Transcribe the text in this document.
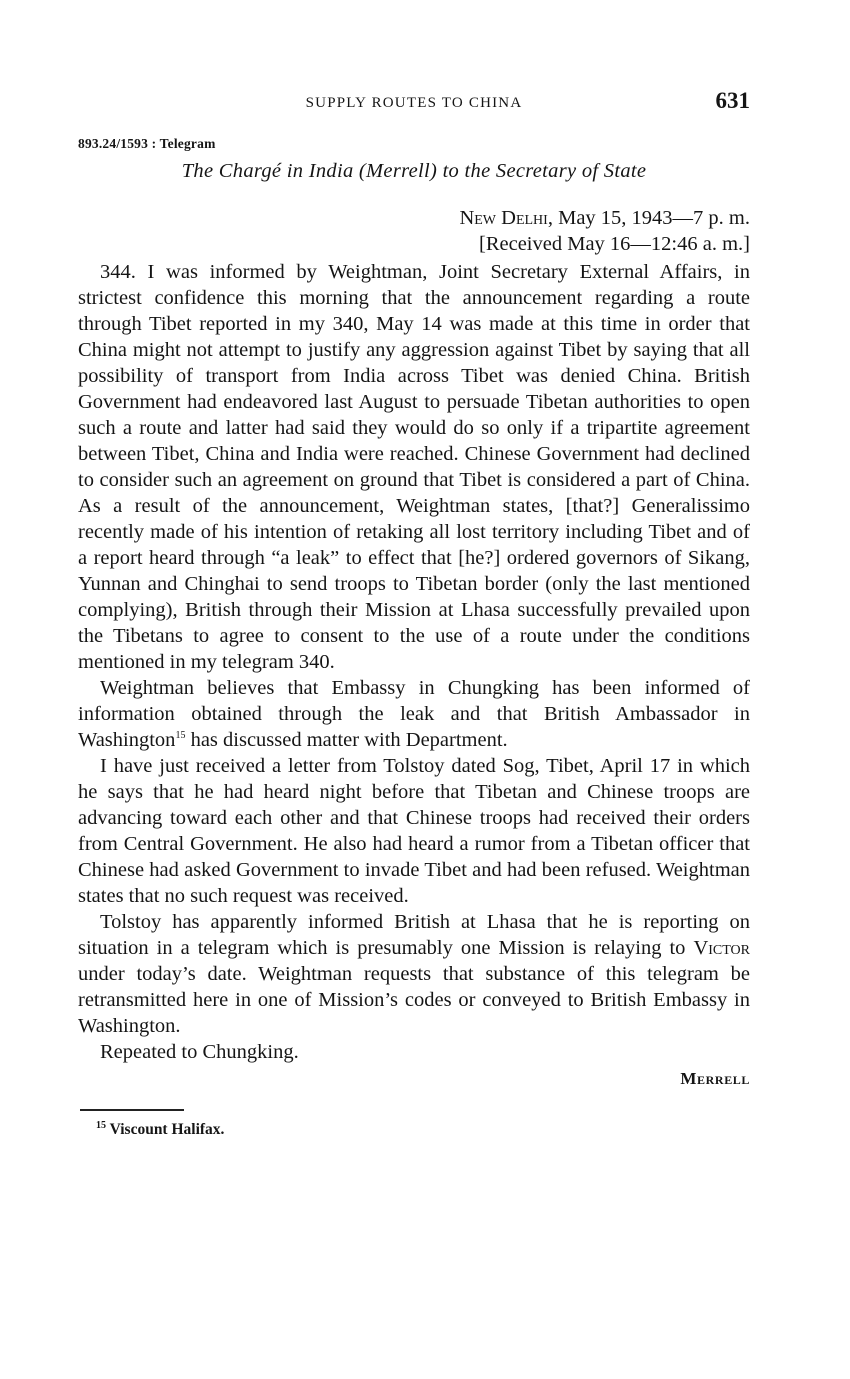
SUPPLY ROUTES TO CHINA	631
893.24/1593 : Telegram
The Chargé in India (Merrell) to the Secretary of State
New Delhi, May 15, 1943—7 p. m.
[Received May 16—12:46 a. m.]

344. I was informed by Weightman, Joint Secretary External Affairs, in strictest confidence this morning that the announcement regarding a route through Tibet reported in my 340, May 14 was made at this time in order that China might not attempt to justify any aggression against Tibet by saying that all possibility of transport from India across Tibet was denied China. British Government had endeavored last August to persuade Tibetan authorities to open such a route and latter had said they would do so only if a tripartite agreement between Tibet, China and India were reached. Chinese Government had declined to consider such an agreement on ground that Tibet is considered a part of China. As a result of the announcement, Weightman states, [that?] Generalissimo recently made of his intention of retaking all lost territory including Tibet and of a report heard through “a leak” to effect that [he?] ordered governors of Sikang, Yunnan and Chinghai to send troops to Tibetan border (only the last mentioned complying), British through their Mission at Lhasa successfully prevailed upon the Tibetans to agree to consent to the use of a route under the conditions mentioned in my telegram 340.

Weightman believes that Embassy in Chungking has been informed of information obtained through the leak and that British Ambassador in Washington$^{15}$ has discussed matter with Department.

I have just received a letter from Tolstoy dated Sog, Tibet, April 17 in which he says that he had heard night before that Tibetan and Chinese troops are advancing toward each other and that Chinese troops had received their orders from Central Government. He also had heard a rumor from a Tibetan officer that Chinese had asked Government to invade Tibet and had been refused. Weightman states that no such request was received.

Tolstoy has apparently informed British at Lhasa that he is reporting on situation in a telegram which is presumably one Mission is relaying to Victor under today’s date. Weightman requests that substance of this telegram be retransmitted here in one of Mission’s codes or conveyed to British Embassy in Washington.

Repeated to Chungking.

Merrell
$^{15}$ Viscount Halifax.
